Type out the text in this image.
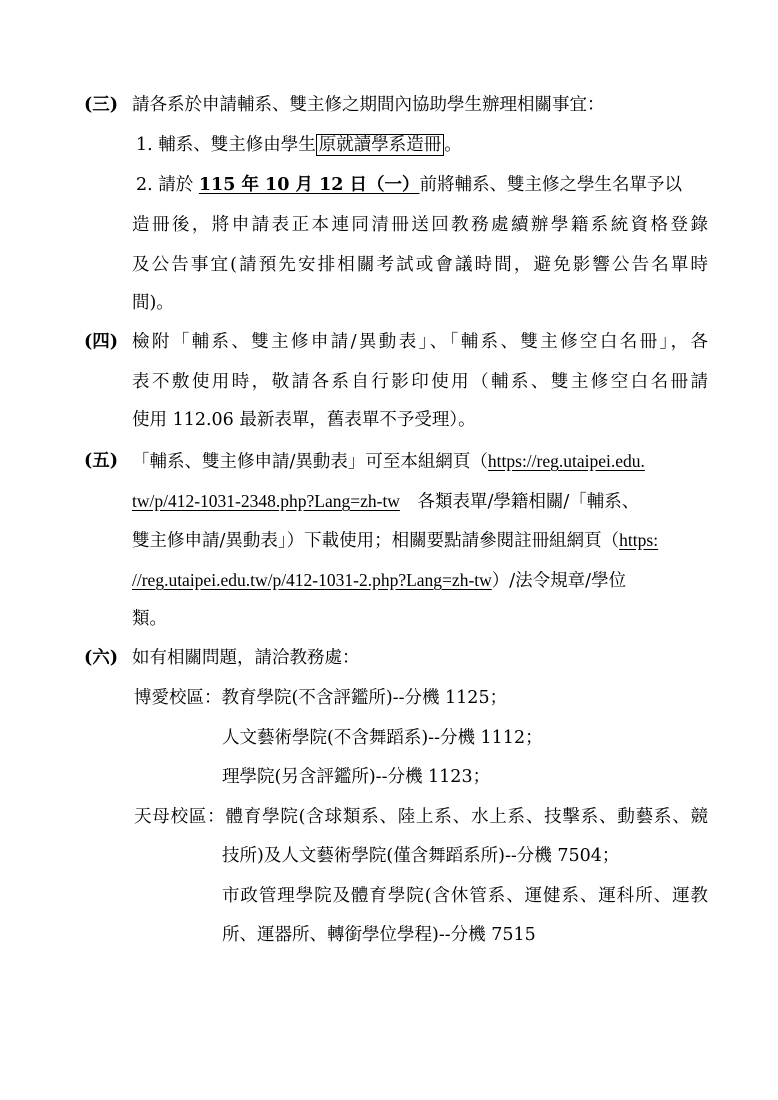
(三) 請各系於申請輔系、雙主修之期間內協助學生辦理相關事宜：
1. 輔系、雙主修由學生 原就讀學系造冊 。
2. 請於 115 年 10 月 12 日（一）前將輔系、雙主修之學生名單予以
造冊後，將申請表正本連同清冊送回教務處續辦學籍系統資格登錄
及公告事宜(請預先安排相關考試或會議時間，避免影響公告名單時
間)。
(四) 檢附「輔系、雙主修申請/異動表」、「輔系、雙主修空白名冊」，各
表不敷使用時，敬請各系自行影印使用（輔系、雙主修空白名冊請
使用 112.06 最新表單，舊表單不予受理）。
(五) 「輔系、雙主修申請/異動表」可至本組網頁（https://reg.utaipei.edu.
tw/p/412-1031-2348.php?Lang=zh-tw　各類表單/學籍相關/「輔系、
雙主修申請/異動表」）下載使用；相關要點請參閱註冊組網頁（https:
//reg.utaipei.edu.tw/p/412-1031-2.php?Lang=zh-tw）/法令規章/學位
類。
(六) 如有相關問題，請洽教務處：
博愛校區：教育學院(不含評鑑所)--分機 1125；
人文藝術學院(不含舞蹈系)--分機 1112；
理學院(另含評鑑所)--分機 1123；
天母校區：體育學院(含球類系、陸上系、水上系、技擊系、動藝系、競
技所)及人文藝術學院(僅含舞蹈系所)--分機 7504；
市政管理學院及體育學院(含休管系、運健系、運科所、運教
所、運器所、轉銜學位學程)--分機 7515
